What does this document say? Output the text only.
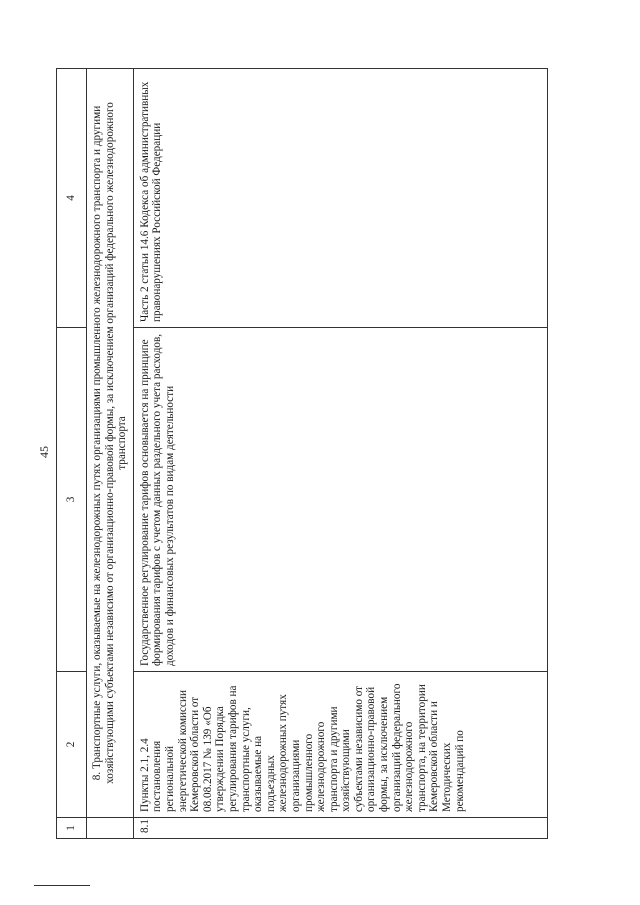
45
1	2	3	4
	8. Транспортные услуги, оказываемые на железнодорожных путях организациями промышленного железнодорожного транспорта и другими хозяйствующими субъектами независимо от организационно-правовой формы, за исключением организаций федерального железнодорожного транспорта		
8.1	Пункты 2.1, 2.4 постановления региональной энергетической комиссии Кемеровской области от 08.08.2017 № 139 «Об утверждении Порядка регулирования тарифов на транспортные услуги, оказываемые на подъездных железнодорожных путях организациями промышленного железнодорожного транспорта и другими хозяйствующими субъектами независимо от организационно-правовой формы, за исключением организаций федерального железнодорожного транспорта, на территории Кемеровской области и Методических рекомендаций по	Государственное регулирование тарифов основывается на принципе формирования тарифов с учетом данных раздельного учета расходов, доходов и финансовых результатов по видам деятельности	Часть 2 статьи 14.6 Кодекса об административных правонарушениях Российской Федерации
